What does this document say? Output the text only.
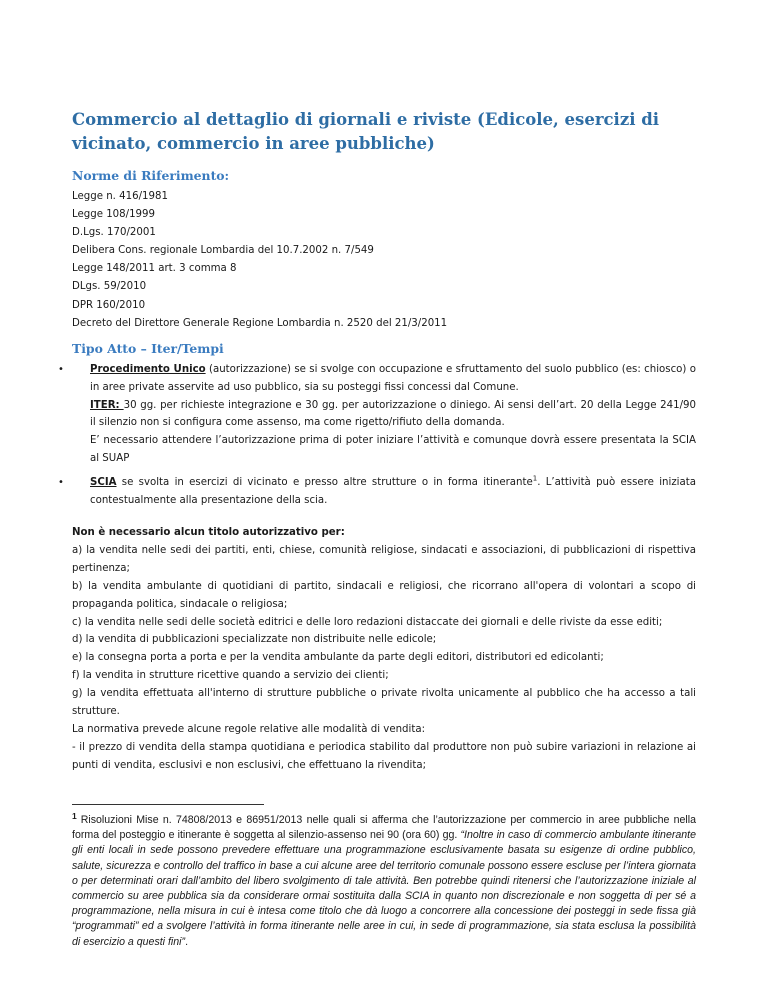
Commercio al dettaglio di giornali e riviste (Edicole, esercizi di vicinato, commercio in aree pubbliche)
Norme di Riferimento:
Legge n. 416/1981
Legge 108/1999
D.Lgs. 170/2001
Delibera Cons. regionale Lombardia del 10.7.2002 n. 7/549
Legge 148/2011 art. 3 comma 8
DLgs. 59/2010
DPR 160/2010
Decreto del Direttore Generale Regione Lombardia n. 2520 del 21/3/2011
Tipo Atto – Iter/Tempi
• Procedimento Unico (autorizzazione) se si svolge con occupazione e sfruttamento del suolo pubblico (es: chiosco) o in aree private asservite ad uso pubblico, sia su posteggi fissi concessi dal Comune.
ITER: 30 gg. per richieste integrazione e 30 gg. per autorizzazione o diniego. Ai sensi dell’art. 20 della Legge 241/90 il silenzio non si configura come assenso, ma come rigetto/rifiuto della domanda.
E’ necessario attendere l’autorizzazione prima di poter iniziare l’attività e comunque dovrà essere presentata la SCIA al SUAP
• SCIA se svolta in esercizi di vicinato e presso altre strutture o in forma itinerante$^1$. L’attività può essere iniziata contestualmente alla presentazione della scia.
Non è necessario alcun titolo autorizzativo per:
a) la vendita nelle sedi dei partiti, enti, chiese, comunità religiose, sindacati e associazioni, di pubblicazioni di rispettiva pertinenza;
b) la vendita ambulante di quotidiani di partito, sindacali e religiosi, che ricorrano all'opera di volontari a scopo di propaganda politica, sindacale o religiosa;
c) la vendita nelle sedi delle società editrici e delle loro redazioni distaccate dei giornali e delle riviste da esse editi;
d) la vendita di pubblicazioni specializzate non distribuite nelle edicole;
e) la consegna porta a porta e per la vendita ambulante da parte degli editori, distributori ed edicolanti;
f) la vendita in strutture ricettive quando a servizio dei clienti;
g) la vendita effettuata all'interno di strutture pubbliche o private rivolta unicamente al pubblico che ha accesso a tali strutture.
La normativa prevede alcune regole relative alle modalità di vendita:
- il prezzo di vendita della stampa quotidiana e periodica stabilito dal produttore non può subire variazioni in relazione ai punti di vendita, esclusivi e non esclusivi, che effettuano la rivendita;
$^1$ Risoluzioni Mise n. 74808/2013 e 86951/2013 nelle quali si afferma che l’autorizzazione per commercio in aree pubbliche nella forma del posteggio e itinerante è soggetta al silenzio-assenso nei 90 (ora 60) gg. “Inoltre in caso di commercio ambulante itinerante gli enti locali in sede possono prevedere effettuare una programmazione esclusivamente basata su esigenze di ordine pubblico, salute, sicurezza e controllo del traffico in base a cui alcune aree del territorio comunale possono essere escluse per l’intera giornata o per determinati orari dall’ambito del libero svolgimento di tale attività. Ben potrebbe quindi ritenersi che l’autorizzazione iniziale al commercio su aree pubblica sia da considerare ormai sostituita dalla SCIA in quanto non discrezionale e non soggetta di per sé a programmazione, nella misura in cui è intesa come titolo che dà luogo a concorrere alla concessione dei posteggi in sede fissa già “programmati” ed a svolgere l’attività in forma itinerante nelle aree in cui, in sede di programmazione, sia stata esclusa la possibilità di esercizio a questi fini”.
